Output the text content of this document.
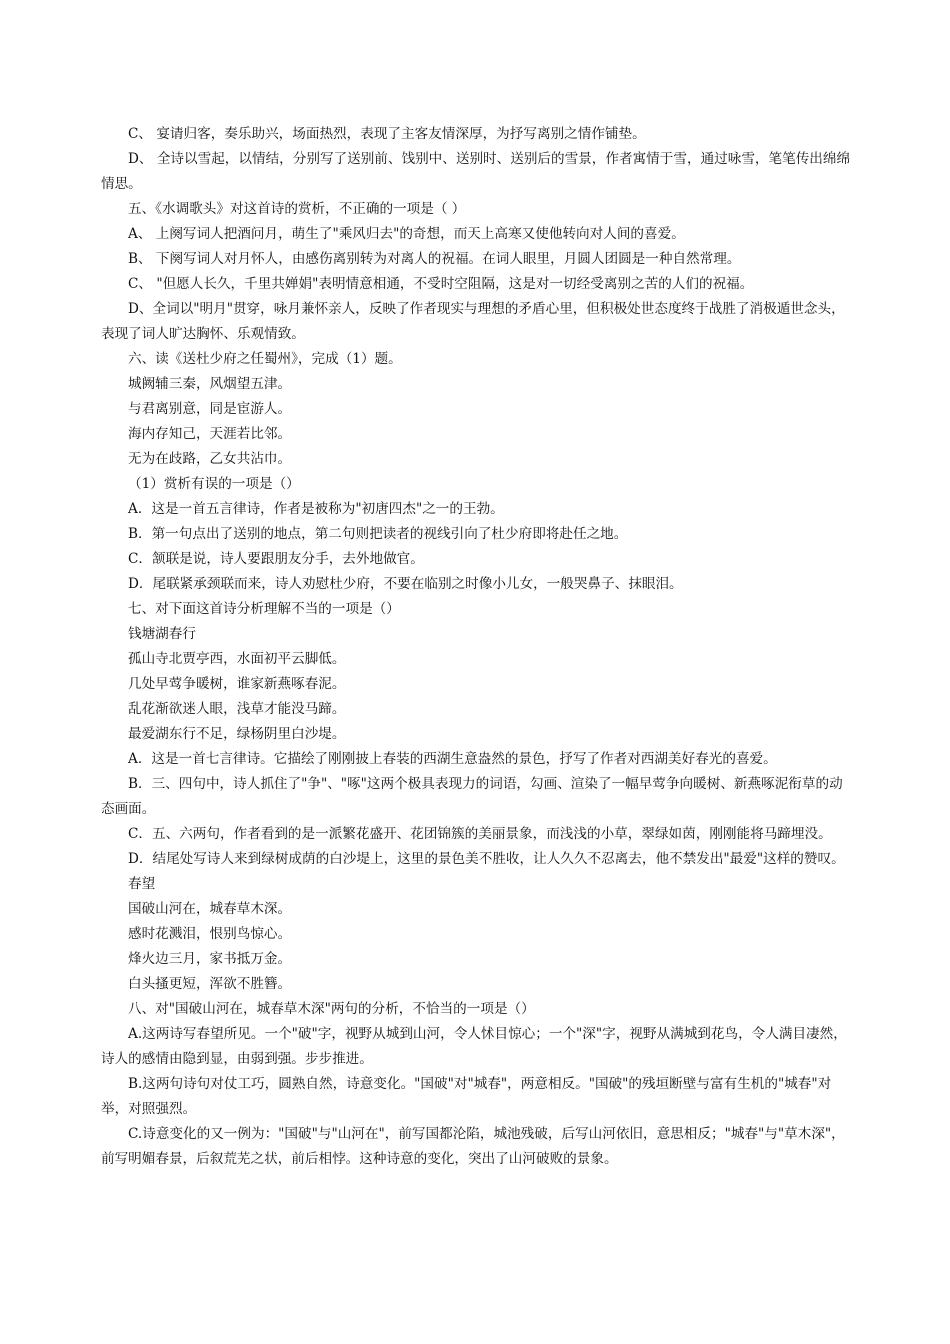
C、 宴请归客，奏乐助兴，场面热烈，表现了主客友情深厚，为抒写离别之情作铺垫。

D、 全诗以雪起，以情结，分别写了送别前、饯别中、送别时、送别后的雪景，作者寓情于雪，通过咏雪，笔笔传出绵绵情思。

五、《水调歌头》对这首诗的赏析，不正确的一项是（ ）

A、 上阕写词人把酒问月，萌生了"乘风归去"的奇想，而天上高寒又使他转向对人间的喜爱。

B、 下阕写词人对月怀人，由感伤离别转为对离人的祝福。在词人眼里，月圆人团圆是一种自然常理。

C、 "但愿人长久，千里共婵娟"表明情意相通，不受时空阻隔，这是对一切经受离别之苦的人们的祝福。

D、全词以"明月"贯穿，咏月兼怀亲人，反映了作者现实与理想的矛盾心里，但积极处世态度终于战胜了消极遁世念头，表现了词人旷达胸怀、乐观情致。

六、读《送杜少府之任蜀州》，完成（1）题。

城阙辅三秦，风烟望五津。

与君离别意，同是宦游人。

海内存知己，天涯若比邻。

无为在歧路，乙女共沾巾。

（1）赏析有误的一项是（）

A．这是一首五言律诗，作者是被称为"初唐四杰"之一的王勃。

B．第一句点出了送别的地点，第二句则把读者的视线引向了杜少府即将赴任之地。

C．颔联是说，诗人要跟朋友分手，去外地做官。

D．尾联紧承颈联而来，诗人劝慰杜少府，不要在临别之时像小儿女，一般哭鼻子、抹眼泪。

七、对下面这首诗分析理解不当的一项是（）

钱塘湖春行

孤山寺北贾亭西，水面初平云脚低。

几处早莺争暖树，谁家新燕啄春泥。

乱花渐欲迷人眼，浅草才能没马蹄。

最爱湖东行不足，绿杨阴里白沙堤。

A．这是一首七言律诗。它描绘了刚刚披上春装的西湖生意盎然的景色，抒写了作者对西湖美好春光的喜爱。

B．三、四句中，诗人抓住了"争"、"啄"这两个极具表现力的词语，勾画、渲染了一幅早莺争向暖树、新燕啄泥衔草的动态画面。

C．五、六两句，作者看到的是一派繁花盛开、花团锦簇的美丽景象，而浅浅的小草，翠绿如茵，刚刚能将马蹄埋没。

D．结尾处写诗人来到绿树成荫的白沙堤上，这里的景色美不胜收，让人久久不忍离去，他不禁发出"最爱"这样的赞叹。

春望

国破山河在，城春草木深。

感时花溅泪，恨别鸟惊心。

烽火边三月，家书抵万金。

白头搔更短，浑欲不胜簪。

八、对"国破山河在，城春草木深"两句的分析，不恰当的一项是（）

A.这两诗写春望所见。一个"破"字，视野从城到山河，令人怵目惊心；一个"深"字，视野从满城到花鸟，令人满目凄然，诗人的感情由隐到显，由弱到强。步步推进。

B.这两句诗句对仗工巧，圆熟自然，诗意变化。"国破"对"城春"，两意相反。"国破"的残垣断壁与富有生机的"城春"对举，对照强烈。

C.诗意变化的又一例为："国破"与"山河在"，前写国都沦陷，城池残破，后写山河依旧，意思相反；"城春"与"草木深"，前写明媚春景，后叙荒芜之状，前后相悖。这种诗意的变化，突出了山河破败的景象。
